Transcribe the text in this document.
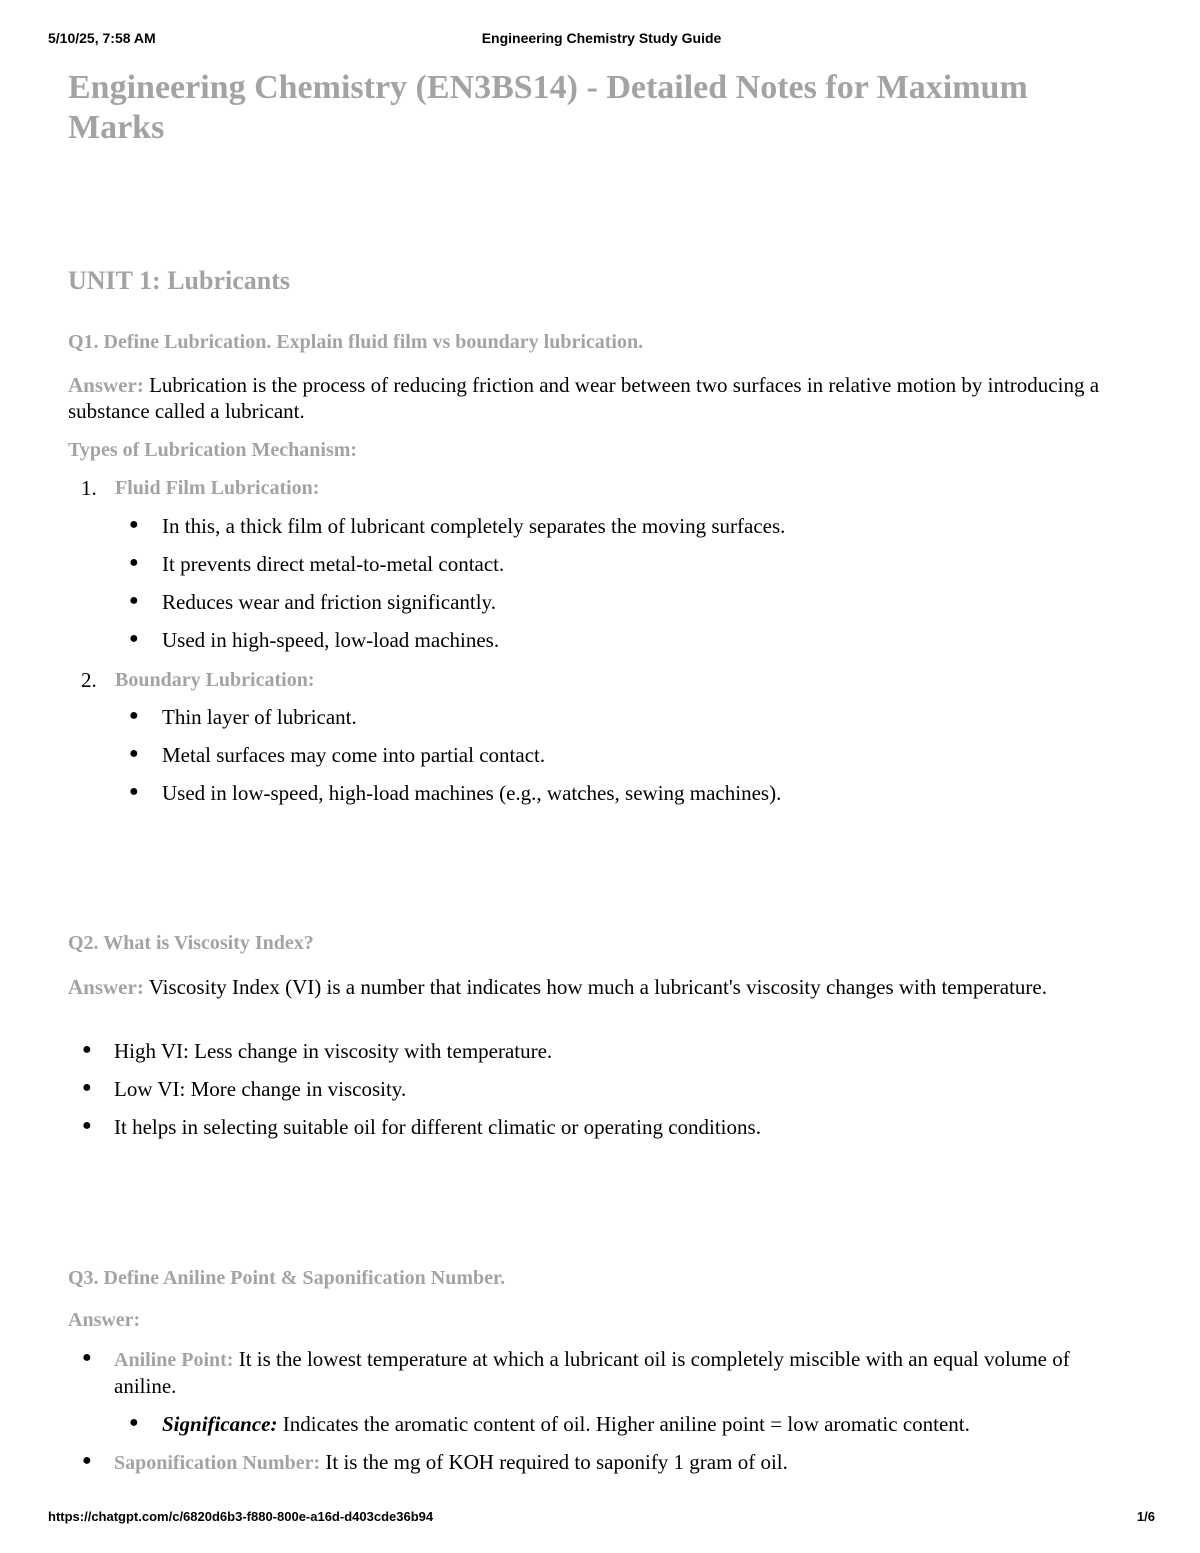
5/10/25, 7:58 AM	Engineering Chemistry Study Guide
Engineering Chemistry (EN3BS14) - Detailed Notes for Maximum Marks
UNIT 1: Lubricants
Q1. Define Lubrication. Explain fluid film vs boundary lubrication.

Answer: Lubrication is the process of reducing friction and wear between two surfaces in relative motion by introducing a substance called a lubricant.

Types of Lubrication Mechanism:
1. Fluid Film Lubrication:
● In this, a thick film of lubricant completely separates the moving surfaces.
● It prevents direct metal-to-metal contact.
● Reduces wear and friction significantly.
● Used in high-speed, low-load machines.
2. Boundary Lubrication:
● Thin layer of lubricant.
● Metal surfaces may come into partial contact.
● Used in low-speed, high-load machines (e.g., watches, sewing machines).
Q2. What is Viscosity Index?

Answer: Viscosity Index (VI) is a number that indicates how much a lubricant's viscosity changes with temperature.

● High VI: Less change in viscosity with temperature.
● Low VI: More change in viscosity.
● It helps in selecting suitable oil for different climatic or operating conditions.
Q3. Define Aniline Point & Saponification Number.
Answer:
● Aniline Point: It is the lowest temperature at which a lubricant oil is completely miscible with an equal volume of aniline.
● Significance: Indicates the aromatic content of oil. Higher aniline point = low aromatic content.
● Saponification Number: It is the mg of KOH required to saponify 1 gram of oil.
https://chatgpt.com/c/6820d6b3-f880-800e-a16d-d403cde36b94	1/6
